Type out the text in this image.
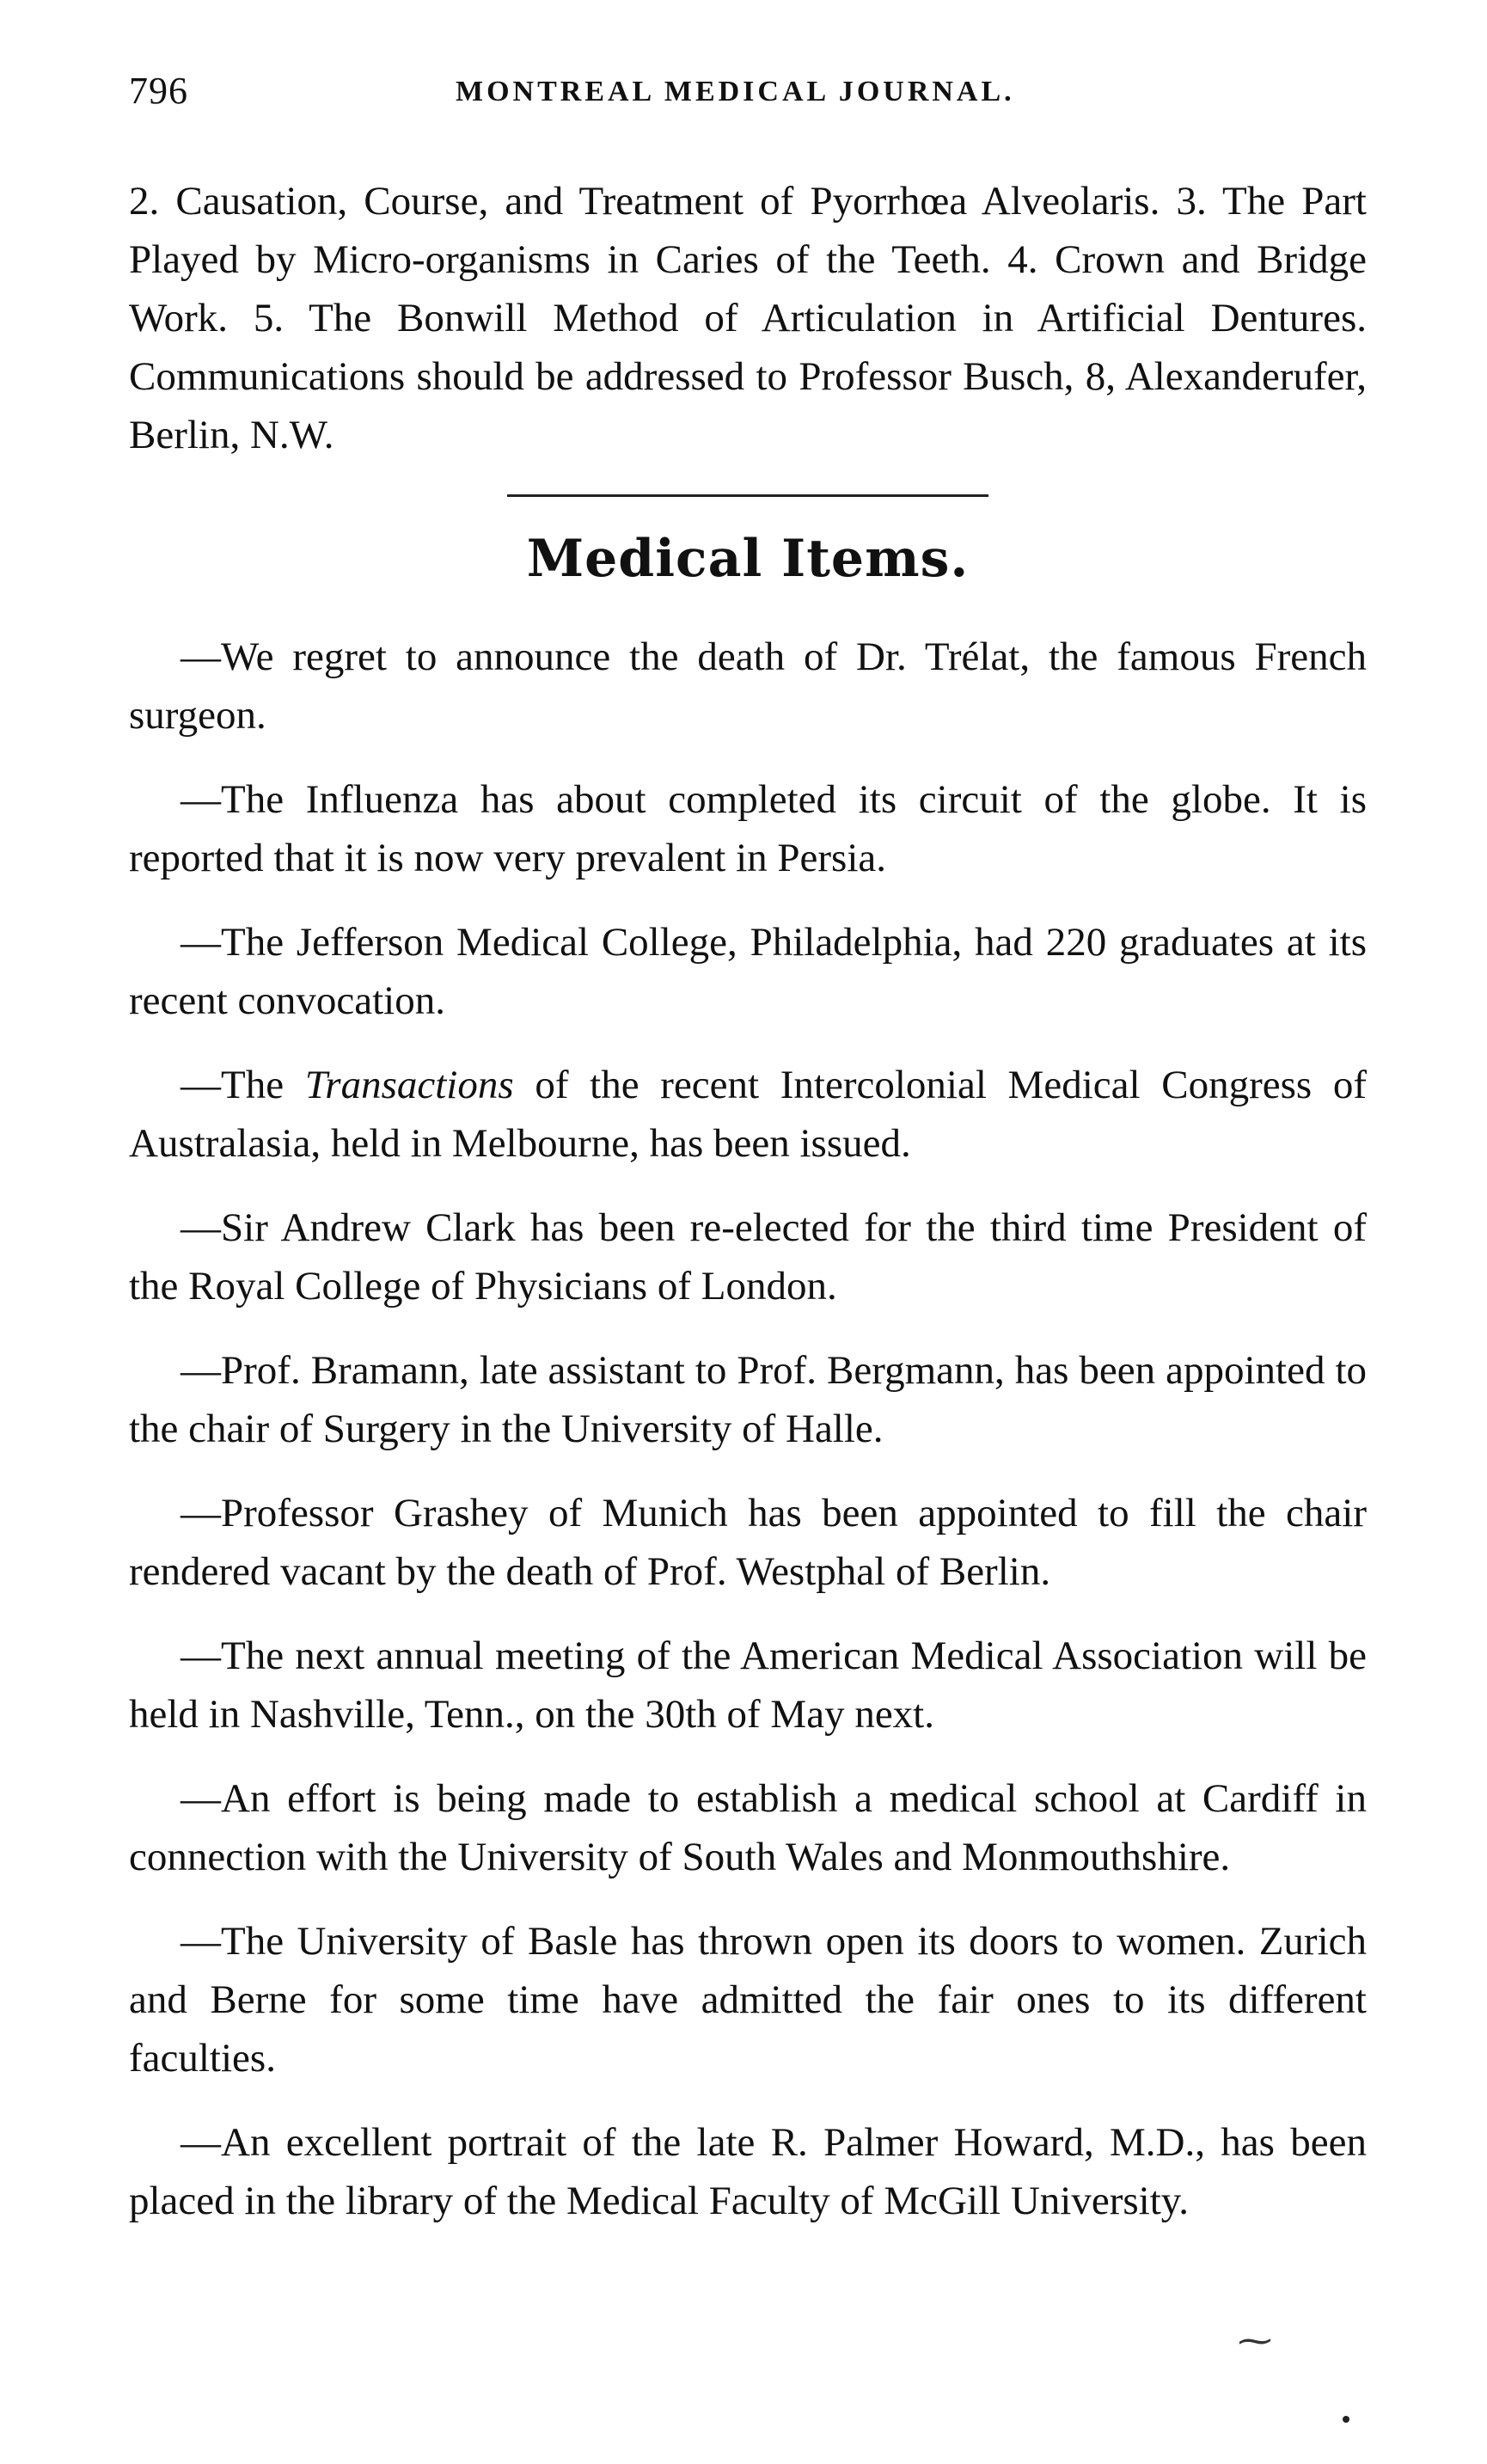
796	MONTREAL MEDICAL JOURNAL.

2. Causation, Course, and Treatment of Pyorrhœa Alveolaris. 3. The Part Played by Micro-organisms in Caries of the Teeth. 4. Crown and Bridge Work. 5. The Bonwill Method of Articulation in Artificial Dentures. Communications should be addressed to Professor Busch, 8, Alexanderufer, Berlin, N.W.

Medical Items.

—We regret to announce the death of Dr. Trélat, the famous French surgeon.

—The Influenza has about completed its circuit of the globe. It is reported that it is now very prevalent in Persia.

—The Jefferson Medical College, Philadelphia, had 220 graduates at its recent convocation.

—The Transactions of the recent Intercolonial Medical Congress of Australasia, held in Melbourne, has been issued.

—Sir Andrew Clark has been re-elected for the third time President of the Royal College of Physicians of London.

—Prof. Bramann, late assistant to Prof. Bergmann, has been appointed to the chair of Surgery in the University of Halle.

—Professor Grashey of Munich has been appointed to fill the chair rendered vacant by the death of Prof. Westphal of Berlin.

—The next annual meeting of the American Medical Association will be held in Nashville, Tenn., on the 30th of May next.

—An effort is being made to establish a medical school at Cardiff in connection with the University of South Wales and Monmouthshire.

—The University of Basle has thrown open its doors to women. Zurich and Berne for some time have admitted the fair ones to its different faculties.

—An excellent portrait of the late R. Palmer Howard, M.D., has been placed in the library of the Medical Faculty of McGill University.

⁓
